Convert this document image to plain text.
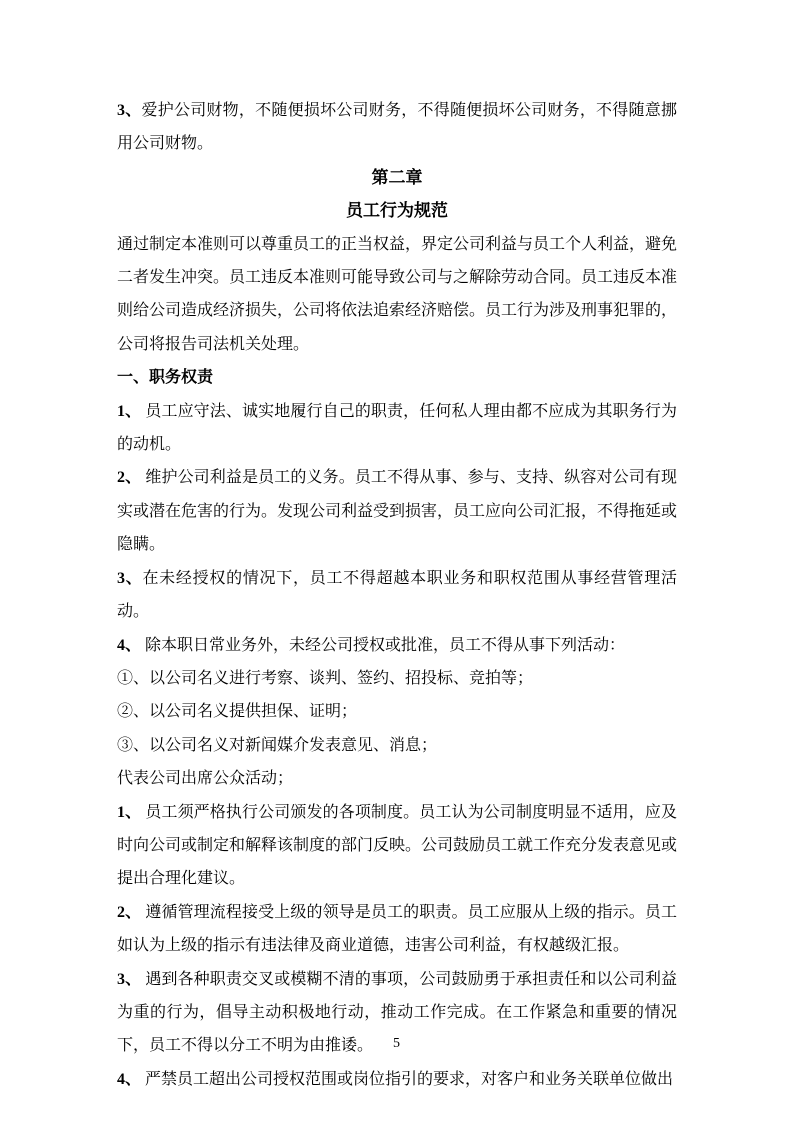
3、爱护公司财物，不随便损坏公司财务，不得随便损坏公司财务，不得随意挪用公司财物。

第二章
员工行为规范

通过制定本准则可以尊重员工的正当权益，界定公司利益与员工个人利益，避免二者发生冲突。员工违反本准则可能导致公司与之解除劳动合同。员工违反本准则给公司造成经济损失，公司将依法追索经济赔偿。员工行为涉及刑事犯罪的，公司将报告司法机关处理。

一、职务权责

1、 员工应守法、诚实地履行自己的职责，任何私人理由都不应成为其职务行为的动机。

2、 维护公司利益是员工的义务。员工不得从事、参与、支持、纵容对公司有现实或潜在危害的行为。发现公司利益受到损害，员工应向公司汇报，不得拖延或隐瞒。

3、在未经授权的情况下，员工不得超越本职业务和职权范围从事经营管理活动。

4、 除本职日常业务外，未经公司授权或批准，员工不得从事下列活动：

①、以公司名义进行考察、谈判、签约、招投标、竞拍等；

②、以公司名义提供担保、证明；

③、以公司名义对新闻媒介发表意见、消息；

代表公司出席公众活动；

1、 员工须严格执行公司颁发的各项制度。员工认为公司制度明显不适用，应及时向公司或制定和解释该制度的部门反映。公司鼓励员工就工作充分发表意见或提出合理化建议。

2、 遵循管理流程接受上级的领导是员工的职责。员工应服从上级的指示。员工如认为上级的指示有违法律及商业道德，违害公司利益，有权越级汇报。

3、 遇到各种职责交叉或模糊不清的事项，公司鼓励勇于承担责任和以公司利益为重的行为，倡导主动积极地行动，推动工作完成。在工作紧急和重要的情况下，员工不得以分工不明为由推诿。

4、 严禁员工超出公司授权范围或岗位指引的要求，对客户和业务关联单位做出

5
